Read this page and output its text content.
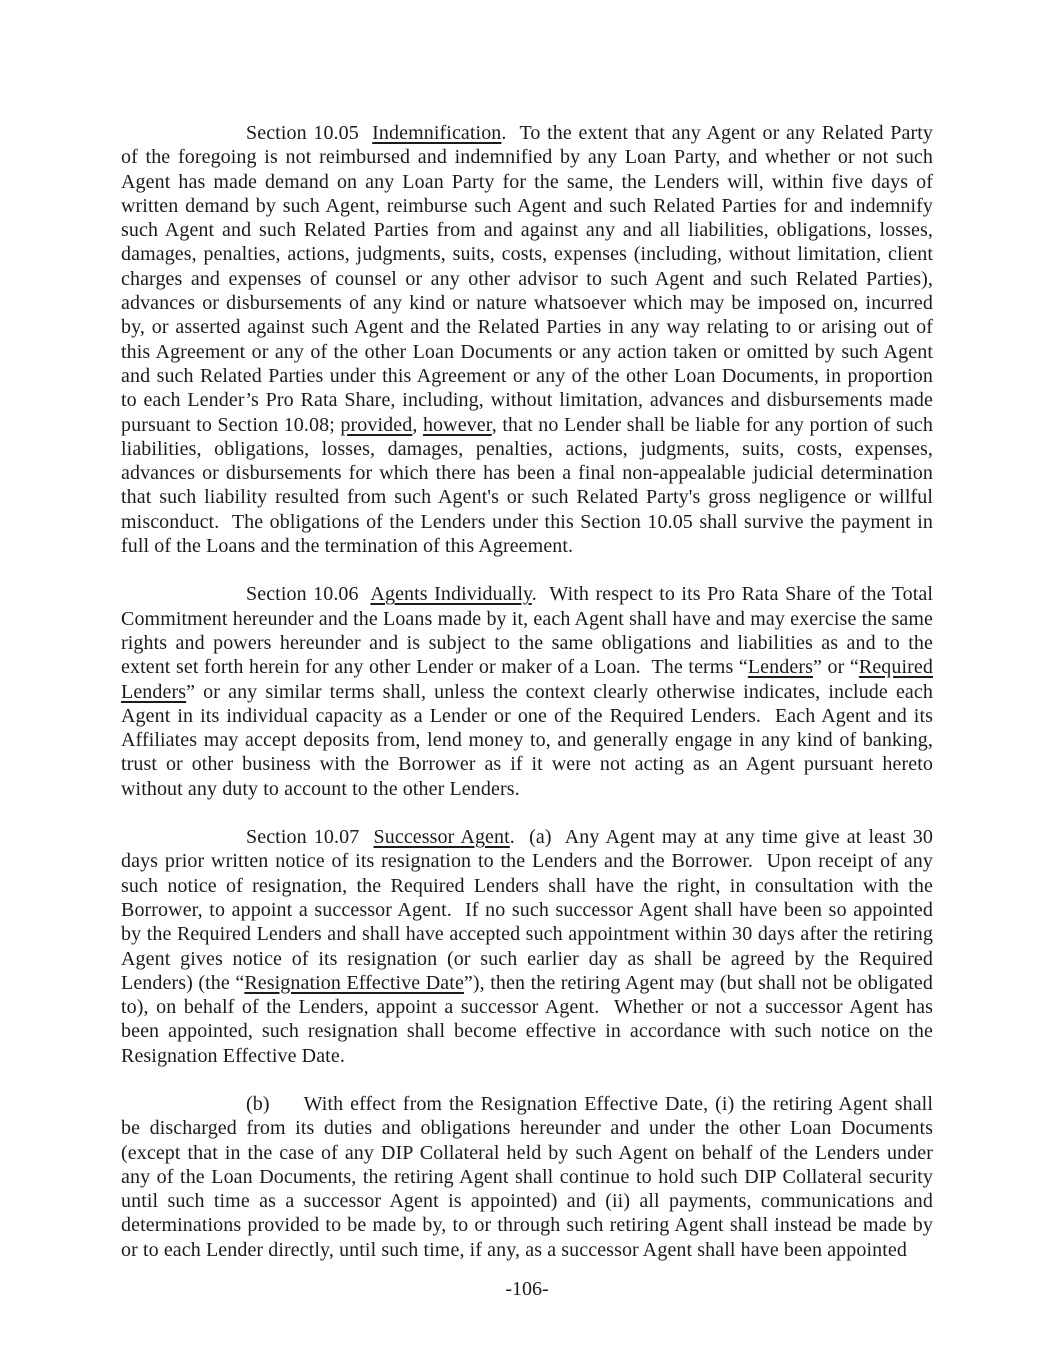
Section 10.05  Indemnification.  To the extent that any Agent or any Related Party of the foregoing is not reimbursed and indemnified by any Loan Party, and whether or not such Agent has made demand on any Loan Party for the same, the Lenders will, within five days of written demand by such Agent, reimburse such Agent and such Related Parties for and indemnify such Agent and such Related Parties from and against any and all liabilities, obligations, losses, damages, penalties, actions, judgments, suits, costs, expenses (including, without limitation, client charges and expenses of counsel or any other advisor to such Agent and such Related Parties), advances or disbursements of any kind or nature whatsoever which may be imposed on, incurred by, or asserted against such Agent and the Related Parties in any way relating to or arising out of this Agreement or any of the other Loan Documents or any action taken or omitted by such Agent and such Related Parties under this Agreement or any of the other Loan Documents, in proportion to each Lender’s Pro Rata Share, including, without limitation, advances and disbursements made pursuant to Section 10.08; provided, however, that no Lender shall be liable for any portion of such liabilities, obligations, losses, damages, penalties, actions, judgments, suits, costs, expenses, advances or disbursements for which there has been a final non-appealable judicial determination that such liability resulted from such Agent's or such Related Party's gross negligence or willful misconduct.  The obligations of the Lenders under this Section 10.05 shall survive the payment in full of the Loans and the termination of this Agreement.

Section 10.06  Agents Individually.  With respect to its Pro Rata Share of the Total Commitment hereunder and the Loans made by it, each Agent shall have and may exercise the same rights and powers hereunder and is subject to the same obligations and liabilities as and to the extent set forth herein for any other Lender or maker of a Loan.  The terms “Lenders” or “Required Lenders” or any similar terms shall, unless the context clearly otherwise indicates, include each Agent in its individual capacity as a Lender or one of the Required Lenders.  Each Agent and its Affiliates may accept deposits from, lend money to, and generally engage in any kind of banking, trust or other business with the Borrower as if it were not acting as an Agent pursuant hereto without any duty to account to the other Lenders.

Section 10.07  Successor Agent.  (a)  Any Agent may at any time give at least 30 days prior written notice of its resignation to the Lenders and the Borrower.  Upon receipt of any such notice of resignation, the Required Lenders shall have the right, in consultation with the Borrower, to appoint a successor Agent.  If no such successor Agent shall have been so appointed by the Required Lenders and shall have accepted such appointment within 30 days after the retiring Agent gives notice of its resignation (or such earlier day as shall be agreed by the Required Lenders) (the “Resignation Effective Date”), then the retiring Agent may (but shall not be obligated to), on behalf of the Lenders, appoint a successor Agent.  Whether or not a successor Agent has been appointed, such resignation shall become effective in accordance with such notice on the Resignation Effective Date.

(b) With effect from the Resignation Effective Date, (i) the retiring Agent shall be discharged from its duties and obligations hereunder and under the other Loan Documents (except that in the case of any DIP Collateral held by such Agent on behalf of the Lenders under any of the Loan Documents, the retiring Agent shall continue to hold such DIP Collateral security until such time as a successor Agent is appointed) and (ii) all payments, communications and determinations provided to be made by, to or through such retiring Agent shall instead be made by or to each Lender directly, until such time, if any, as a successor Agent shall have been appointed

-106-
